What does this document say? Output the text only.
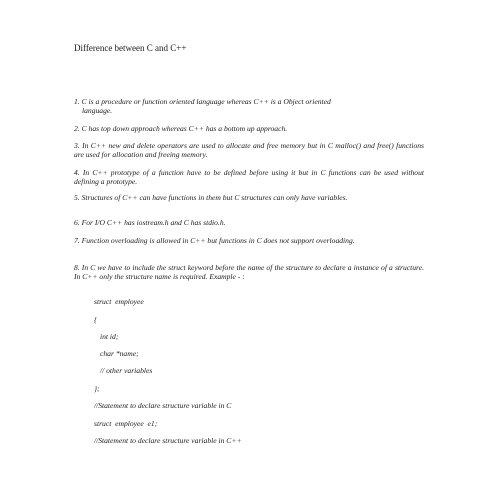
Difference between C and C++
1. C is a procedure or function oriented language whereas C++ is a Object oriented
language.
2. C has top down approach whereas C++ has a bottom up approach.
3. In C++ new and delete operators are used to allocate and free memory but in C malloc() and free() functions are used for allocation and freeing memory.
4. In C++ prototype of a function have to be defined before using it but in C functions can be used without defining a prototype.
5. Structures of C++ can have functions in them but C structures can only have variables.
6. For I/O C++ has iostream.h and C has stdio.h.
7. Function overloading is allowed in C++ but functions in C does not support overloading.
8. In C we have to include the struct keyword before the name of the structure to declare a instance of a structure. In C++ only the structure name is required. Example - :
struct  employee
{
int id;
char *name;
// other variables
};
//Statement to declare structure variable in C
struct  employee  e1;
//Statement to declare structure variable in C++
